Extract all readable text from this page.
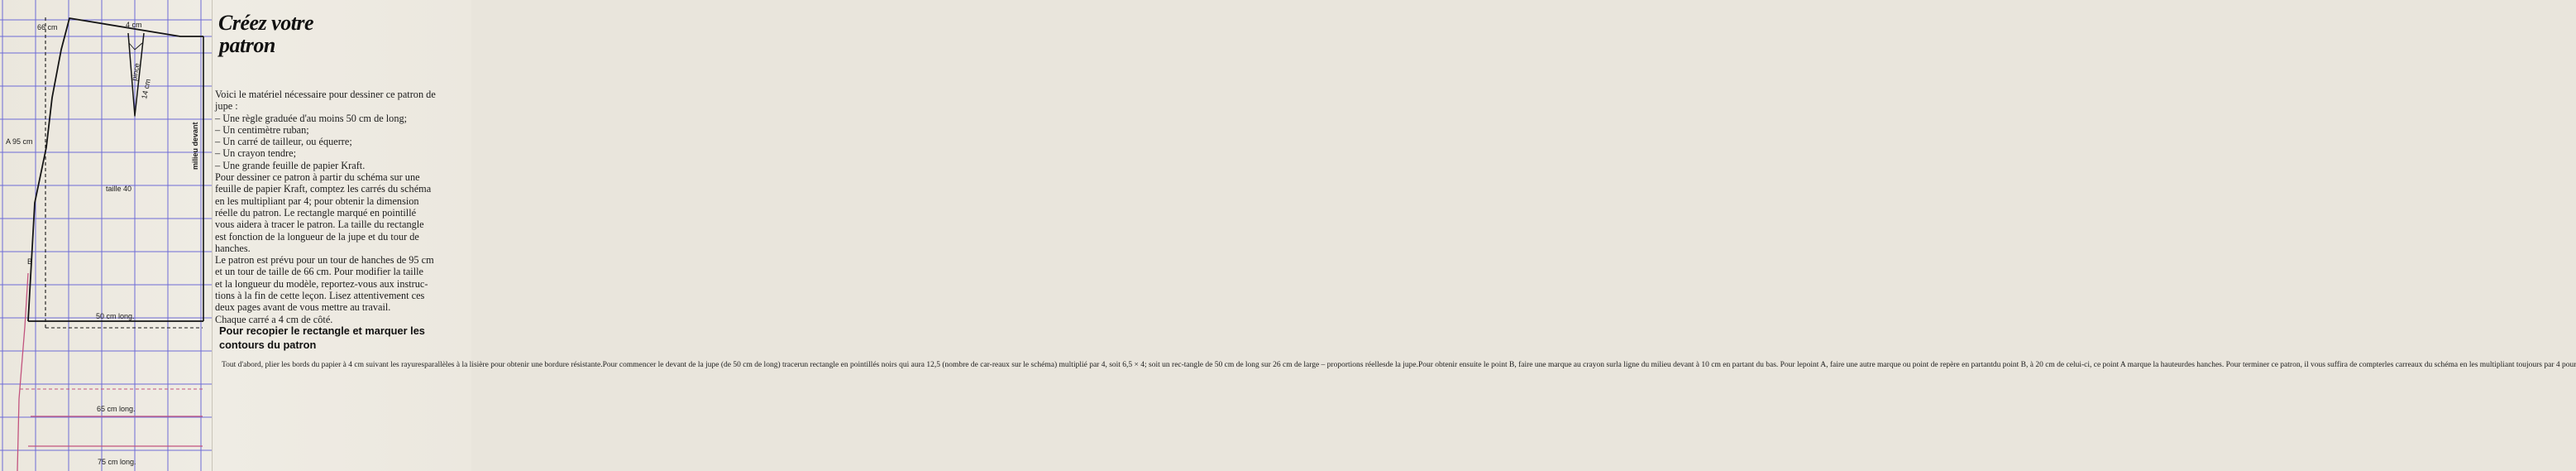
66 cm	4 cm
pince
14 cm
milieu devant
A 95 cm
taille 40
B
50 cm long.
65 cm long.
75 cm long.
Créez votre
patron
Voici le matériel nécessaire pour dessiner ce patron de
jupe :
– Une règle graduée d'au moins 50 cm de long;
– Un centimètre ruban;
– Un carré de tailleur, ou équerre;
– Un crayon tendre;
– Une grande feuille de papier Kraft.
Pour dessiner ce patron à partir du schéma sur une
feuille de papier Kraft, comptez les carrés du schéma
en les multipliant par 4; pour obtenir la dimension
réelle du patron. Le rectangle marqué en pointillé
vous aidera à tracer le patron. La taille du rectangle
est fonction de la longueur de la jupe et du tour de
hanches.
Le patron est prévu pour un tour de hanches de 95 cm
et un tour de taille de 66 cm. Pour modifier la taille
et la longueur du modèle, reportez-vous aux instruc-
tions à la fin de cette leçon. Lisez attentivement ces
deux pages avant de vous mettre au travail.
Chaque carré a 4 cm de côté.
Pour recopier le rectangle et marquer les
contours du patron
Tout d'abord, plier les bords du papier à 4 cm suivant les rayuresparallèles à la lisière pour obtenir une bordure résistante.Pour commencer le devant de la jupe (de 50 cm de long) tracerun rectangle en pointillés noirs qui aura 12,5 (nombre de car-reaux sur le schéma) multiplié par 4, soit 6,5 × 4; soit un rec-tangle de 50 cm de long sur 26 cm de large – proportions réellesde la jupe.Pour obtenir ensuite le point B, faire une marque au crayon surla ligne du milieu devant à 10 cm en partant du bas. Pour lepoint A, faire une autre marque ou point de repère en partantdu point B, à 20 cm de celui-ci, ce point A marque la hauteurdes hanches. Pour terminer ce patron, il vous suffira de compterles carreaux du schéma en les multipliant toujours par 4 pour
